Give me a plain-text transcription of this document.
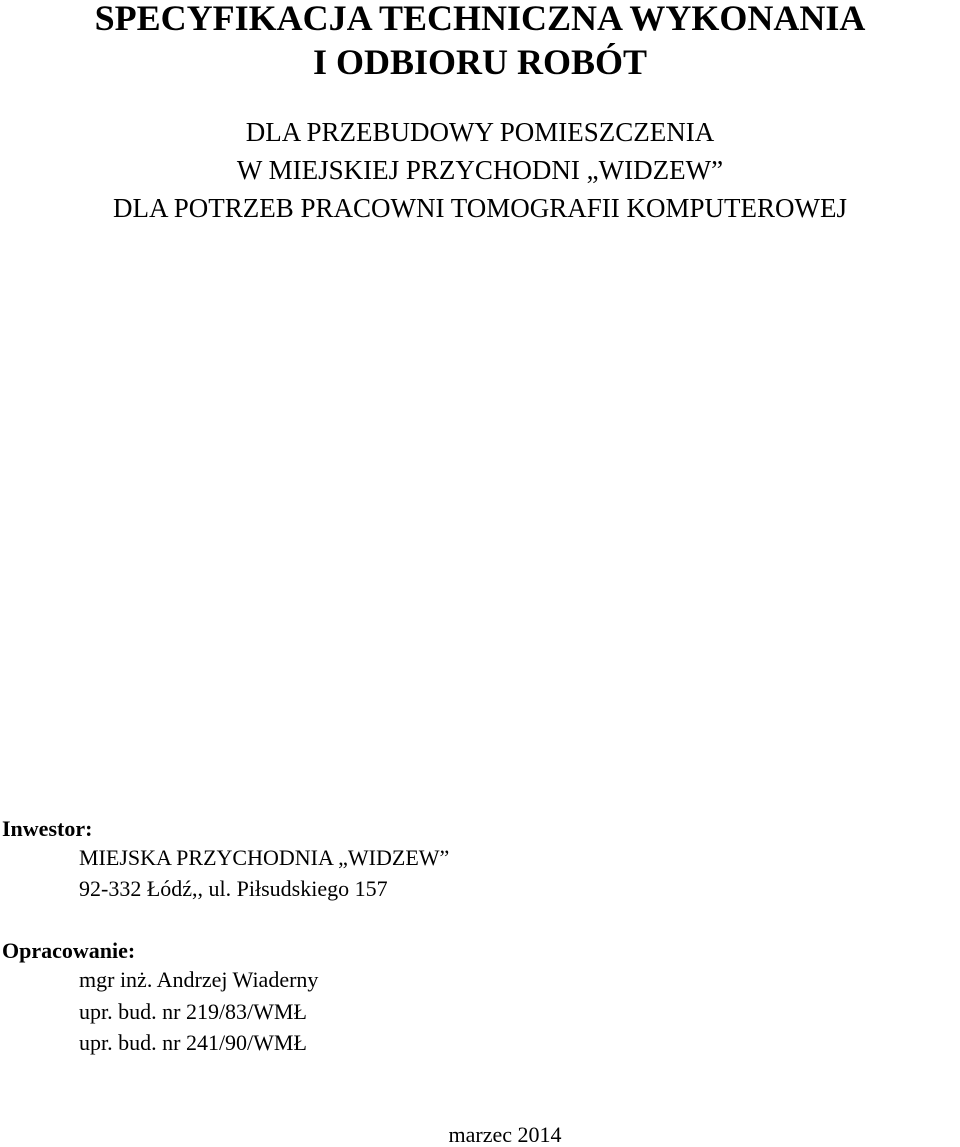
SPECYFIKACJA TECHNICZNA WYKONANIA
I ODBIORU ROBÓT
DLA PRZEBUDOWY POMIESZCZENIA
W MIEJSKIEJ PRZYCHODNI „WIDZEW”
DLA POTRZEB PRACOWNI TOMOGRAFII KOMPUTEROWEJ
Inwestor:
MIEJSKA PRZYCHODNIA „WIDZEW”
92-332 Łódź,, ul. Piłsudskiego 157
Opracowanie:
mgr inż. Andrzej Wiaderny
upr. bud. nr 219/83/WMŁ
upr. bud. nr 241/90/WMŁ
marzec 2014
